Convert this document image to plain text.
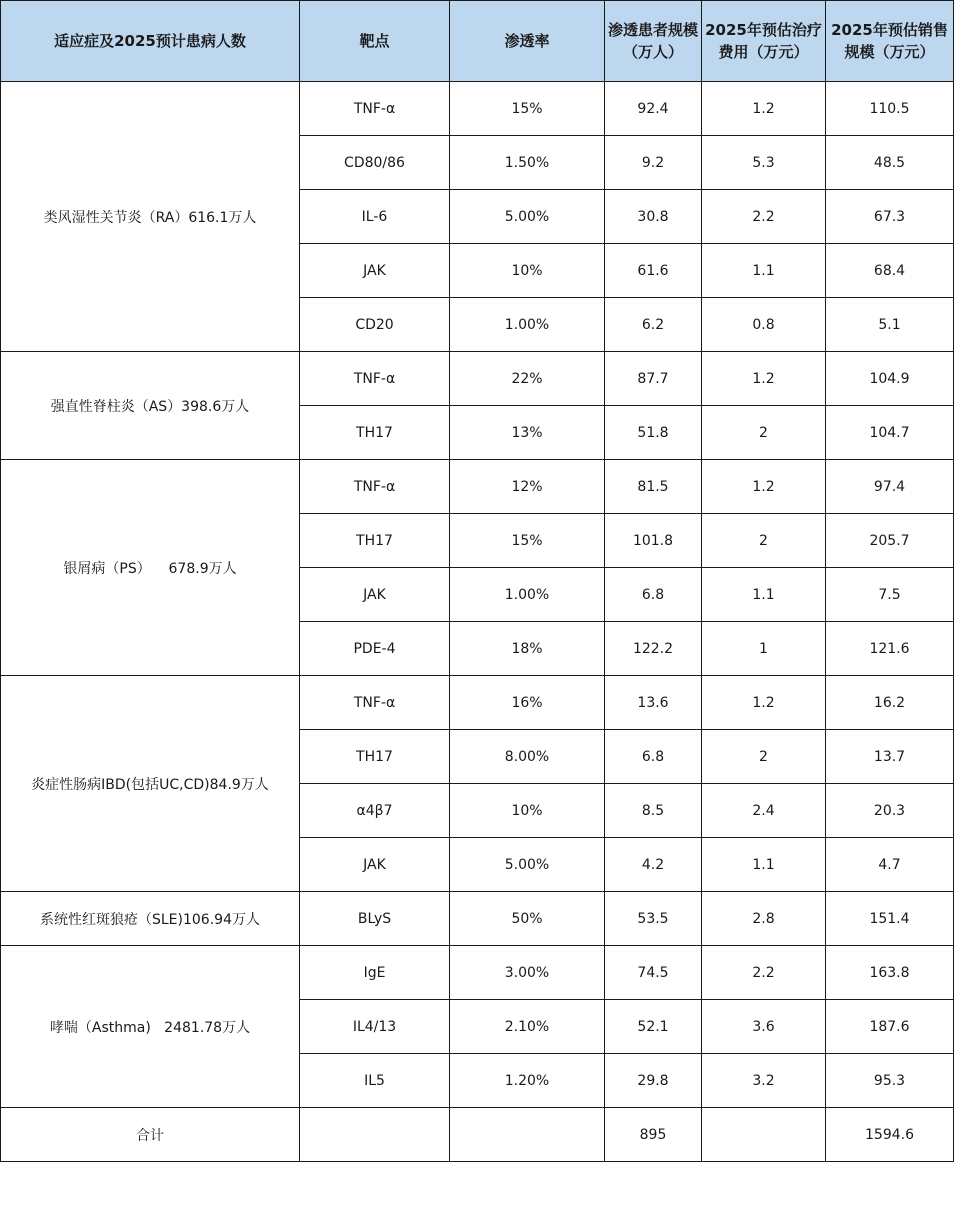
适应症及2025预计患病人数	靶点	渗透率	渗透患者规模（万人）	2025年预估治疗费用（万元）	2025年预估销售规模（万元）
类风湿性关节炎（RA）616.1万人	TNF-α	15%	92.4	1.2	110.5
	CD80/86	1.50%	9.2	5.3	48.5
	IL-6	5.00%	30.8	2.2	67.3
	JAK	10%	61.6	1.1	68.4
	CD20	1.00%	6.2	0.8	5.1
强直性脊柱炎（AS）398.6万人	TNF-α	22%	87.7	1.2	104.9
	TH17	13%	51.8	2	104.7
银屑病（PS）    678.9万人	TNF-α	12%	81.5	1.2	97.4
	TH17	15%	101.8	2	205.7
	JAK	1.00%	6.8	1.1	7.5
	PDE-4	18%	122.2	1	121.6
炎症性肠病IBD(包括UC,CD)84.9万人	TNF-α	16%	13.6	1.2	16.2
	TH17	8.00%	6.8	2	13.7
	α4β7	10%	8.5	2.4	20.3
	JAK	5.00%	4.2	1.1	4.7
系统性红斑狼疮（SLE)106.94万人	BLyS	50%	53.5	2.8	151.4
哮喘（Asthma)   2481.78万人	IgE	3.00%	74.5	2.2	163.8
	IL4/13	2.10%	52.1	3.6	187.6
	IL5	1.20%	29.8	3.2	95.3
合计			895		1594.6
